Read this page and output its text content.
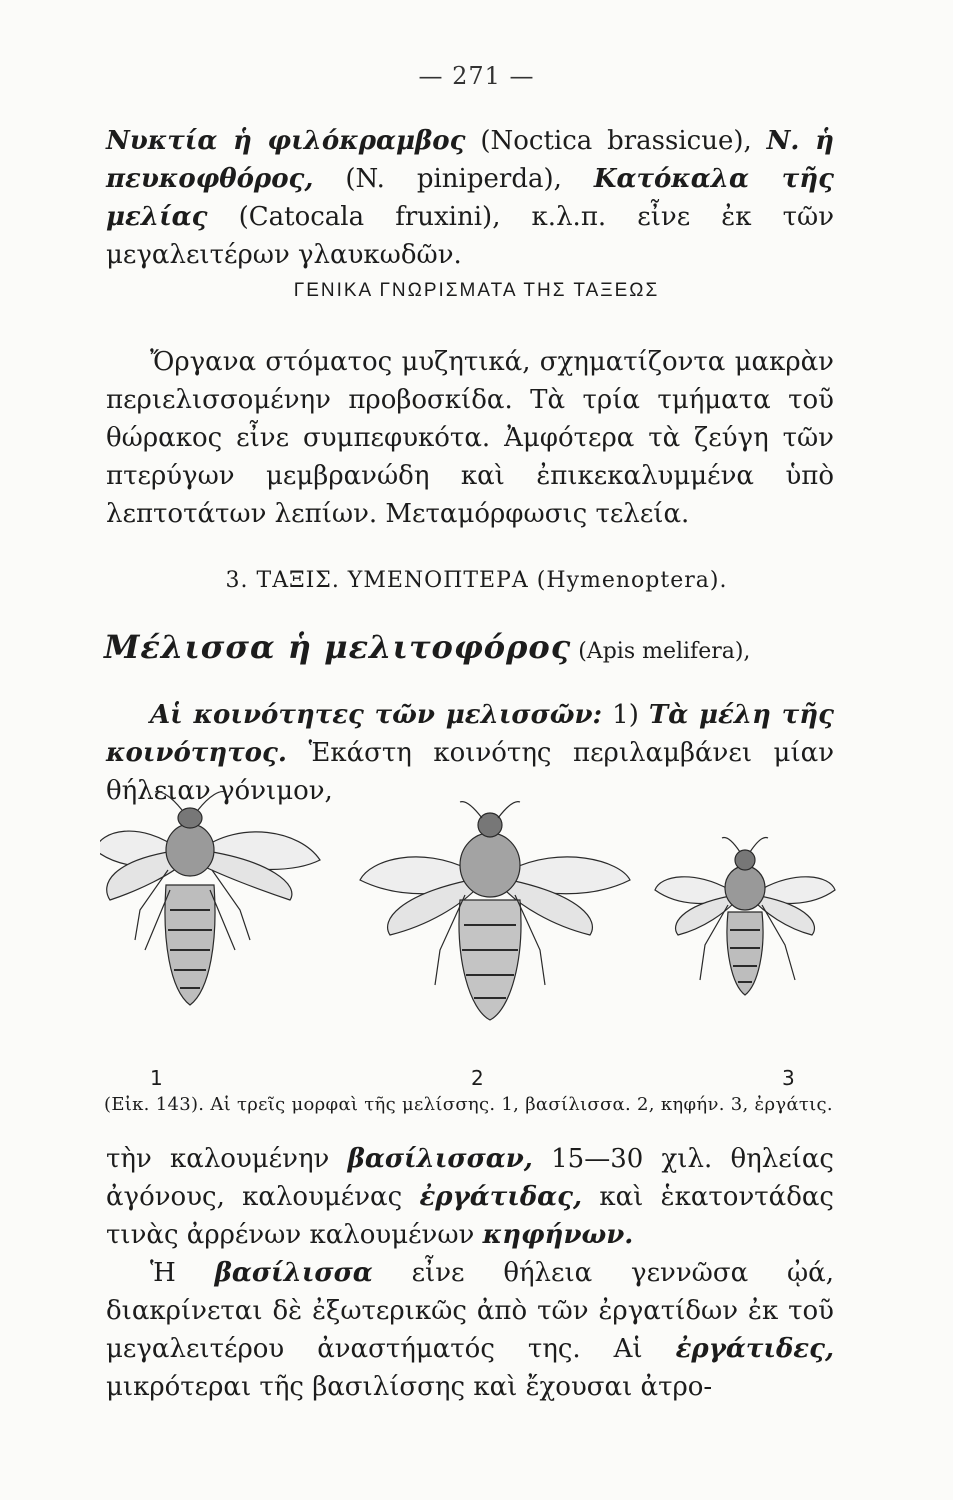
— 271 —

Νυκτία ἡ φιλόκραμβος (Noctica brassicue), Ν. ἡ πευκοφθόρος, (N. piniperda), Κατόκαλα τῆς μελίας (Catocala fruxini), κ.λ.π. εἶνε ἐκ τῶν μεγαλειτέρων γλαυκωδῶν.

ΓΕΝΙΚΑ ΓΝΩΡΙΣΜΑΤΑ ΤΗΣ ΤΑΞΕΩΣ

Ὄργανα στόματος μυζητικά, σχηματίζοντα μακρὰν περιελισσομένην προβοσκίδα. Τὰ τρία τμήματα τοῦ θώρακος εἶνε συμπεφυκότα. Ἀμφότερα τὰ ζεύγη τῶν πτερύγων μεμβρανώδη καὶ ἐπικεκαλυμμένα ὑπὸ λεπτοτάτων λεπίων. Μεταμόρφωσις τελεία.

3. ΤΑΞΙΣ. ΥΜΕΝΟΠΤΕΡΑ (Hymenoptera).
Μέλισσα ἡ μελιτοφόρος (Apis melifera),

Αἱ κοινότητες τῶν μελισσῶν: 1) Τὰ μέλη τῆς κοινότητος. Ἑκάστη κοινότης περιλαμβάνει μίαν θήλειαν γόνιμον,

1	2	3
(Εἰκ. 143). Αἱ τρεῖς μορφαὶ τῆς μελίσσης. 1, βασίλισσα. 2, κηφήν. 3, ἐργάτις.

τὴν καλουμένην βασίλισσαν, 15—30 χιλ. θηλείας ἀγόνους, καλουμένας ἐργάτιδας, καὶ ἑκατοντάδας τινὰς ἀρρένων καλουμένων κηφήνων.

Ἡ βασίλισσα εἶνε θήλεια γεννῶσα ᾠά, διακρίνεται δὲ ἐξωτερικῶς ἀπὸ τῶν ἐργατίδων ἐκ τοῦ μεγαλειτέρου ἀναστήματός της. Αἱ ἐργάτιδες, μικρότεραι τῆς βασιλίσσης καὶ ἔχουσαι ἀτρο-
